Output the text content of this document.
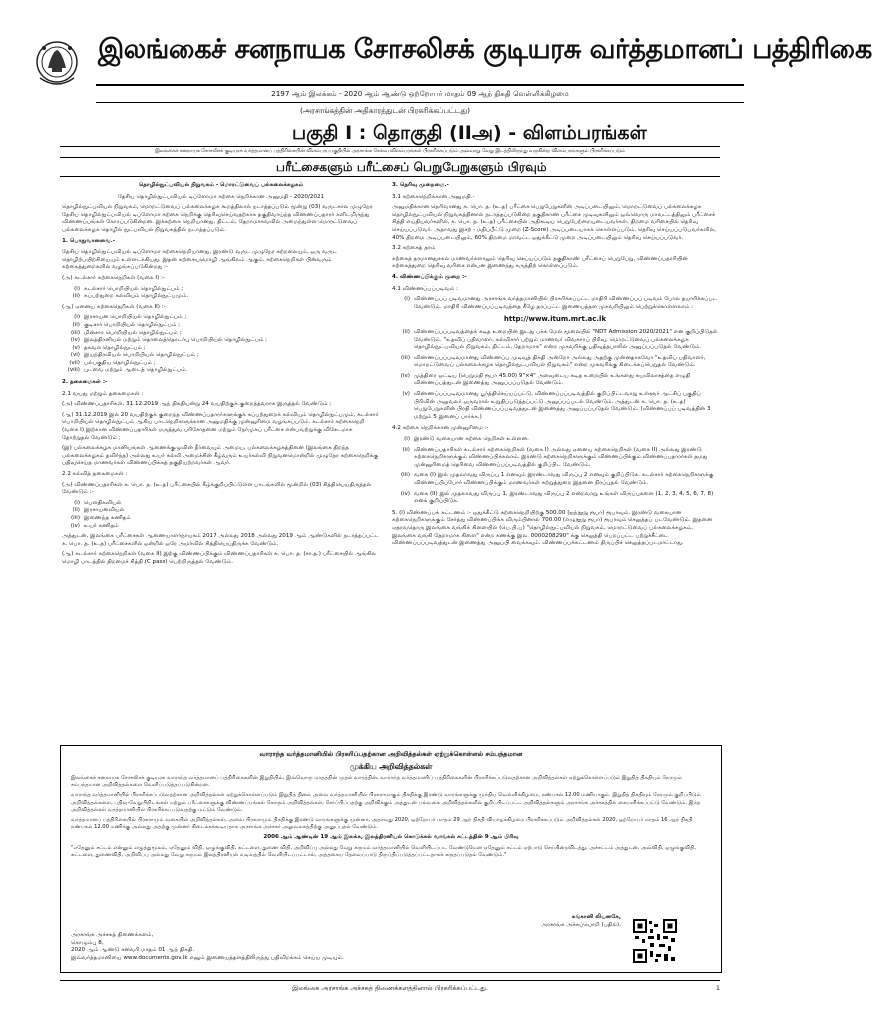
இலங்கைச் சனநாயக சோசலிசக் குடியரசு வர்த்தமானப் பத்திரிகை
2197 ஆம் இலக்கம் - 2020 ஆம் ஆண்டு ஒற்றோபர் மாதம் 09 ஆந் திகதி வெள்ளிக்கிழமை
(அரசாங்கத்தின் அதிகாரத்துடன் பிரசுரிக்கப்பட்டது)
பகுதி I : தொகுதி (IIஅ) - விளம்பரங்கள்
இலங்கைச் சனநாயக சோசலிசக் குடியரசு வர்த்தமானப் பத்திரிகையின் விளம்பரப்பகுதியில் அரசாங்க சேவை விளம்பரங்கள் பிரசுரிக்கப்படும் அவ்வாறு வேறு இடத்திலிருந்து வருகின்ற விளம்பரங்களும் பிரசுரிக்கப்படும்
பரீட்சைகளும் பரீட்சைப் பெறுபேறுகளும் பிரவும்

தொழில்நுட்பவியல் நிறுவகம் - மொரட்டுவைப் பல்கலைக்கழகம்

தேசிய தொழில்நுட்பவியல் டிப்ளோமா கற்கை நெறிக்கான அனுமதி - 2020/2021

தொழில்நுட்பவியல் நிறுவகம், மொறட்டுவைப் பல்கலைக்கழக கூறத்திலால் நடாத்தப்படும் மூன்று (03) வருடகால முழுநேர தேசிய தொழில்நுட்பவியல் டிப்ளோமா கற்கை நெறிக்கு தெரிவுசெய்வதற்காக தகுதிவாய்ந்த விண்ணப்பதாரர் களிடமிருந்து விண்ணப்பங்கள் கோரப்படுகின்றன. இக்கற்கை நெறியானது, திட்டம், தேறாமாகவவில் அமைந்துள்ள மொரட்டுவைப் பல்கலைக்கழக தொழில் நுட்பவியல் நிறுவகத்தில் நடாத்தப்படும்.

1. பொதுவானவை.-

தேசிய தொழில்நுட்பவியல் டிப்ளோமா கற்கைநெறியானது, இரண்டு வருட முழுநேர கற்றலையும், ஒரு வருட தொழிற்பயிற்சியையும் உள்ளடக்கியது. இதன் கற்கையமொழி ஆங்கிலம் ஆகும். கற்கைநெறிகள் பின்வரும் கற்கைத்துறைகளில் வழங்கப்படுகின்றது :-

(அ) கடல்சார் கற்கைநெறிகள் (வகை I) :-

(i) கடல்சார் பொறியியல் தொழில்நுட்பம் ;
(ii) கப்பற்துறை கல்வியும் தொழில்நுட்பமும்.

(ஆ) ஏனைய கற்கைநெறிகள் (வகை II) :-

(i) இரசாயன பொறியியல் தொழில்நுட்பம் ;
(ii) குடிசார் பொறியியல் தொழில்நுட்பம் ;
(iii) மின்சார பொறியியல் தொழில்நுட்பம் ;
(iv) இலத்திரனியல் மற்றும் தொலைத்தொடர்பு பொறியியல் தொழில்நுட்பம் ;
(v) தகவல் தொழில்நுட்பம் ;
(vi) இயந்திரவியல் பொறியியல் தொழில்நுட்பம் ;
(vii) பல்பகுதிய தொழில்நுட்பம் ;
(viii) புடவை மற்றும் ஆடைத் தொழில்நுட்பம்.

2. தகைமைகள் :-

2.1 வயது மற்றும் தகைமைகள் :

(அ) விண்ணப்பதாரிகள், 31.12.2019 ஆந் திகதியன்று 24 வயதிற்குக் குறைந்தவராக இருத்தல் வேண்டும் ;

(ஆ) 31.12.2019 இல் 20 வயதிற்குக் குறைந்த விண்ணப்பதாரர்களுக்குக் கப்பற்துறைக் கல்வியும் தொழில்நுட்பமும், கடல்சார் பொறியியல் தொழில்நுட்பம் ஆகிய பாடநெறிகளுக்கான அனுமதிக்கு முன்னுரிமை வழங்கப்படும். கடல்சார் கற்கைநெறி (வகை I) இற்கான விண்ணப்பதாரிகள் மருத்துவ பரிசோதனை மற்றும் நேர்முகப் பரீட்சை என்பவற்றுக்கு விசேடமாக தோற்றுதல் வேண்டும் ;

(இ) பல்கலைக்கழக மானியங்கள் ஆணைக்குழுவின் தீர்வையும் அமைய, பல்கலைக்கழகத்தினை (இலங்கை திறந்த பல்கலைக்கழகம் தவிர்ந்த) அல்லது உயர் கல்வி அமைச்சின் கீழ்வரும் உயர்கல்வி நிறுவனமொன்றில் முழுநேர கற்கைநெறிக்கு பதிவுசெய்த மாணவர்கள் விண்ணப்பிக்கத் தகுதியற்றவர்கள் ஆவர்.

2.2 கல்வித் தகைமைகள் :

(அ) விண்ணப்பதாரிகள் க. பொ. த. (உ.த) பரீட்சையில் கீழ்க்குறிப்பிட்டுள்ள பாடங்களில் மூன்றில் (03) சித்தியெய்திருத்தல் வேண்டும் :-

(i) பௌதிகவியல்
(ii) இரசாயனவியல்
(iii) இணைந்த கணிதம்
(iv) உயர் கணிதம்

அத்துடன், இலங்கை பரீட்சைகள் ஆணையாளர்நாயகம் 2017 அல்லது 2018 அல்லது 2019 ஆம் ஆண்டுகளில் நடாத்தப்பட்ட க. பொ. த. (உ.த) பரீட்சைகளில் ஒன்றில் ஒரே அமர்வில் சித்தியெய்திருக்க வேண்டும்.

(ஆ) கடல்சார் கற்கைநெறிகள் (வகை II) இற்கு விண்ணப்பிக்கும் விண்ணப்பதாரிகள் க. பொ. த. (சா.த.) பரீட்சையில் ஆங்கில மொழி பாடத்தில் திறமைச் சித்தி (C pass) பெற்றிருத்தல் வேண்டும்.

3. தெரிவு முறைமை.-

3.1 கற்கைநெறிக்கான அனுமதி.-

அனுமதிக்கான தெரிவானது க. பொ. த. (உ.த) பரீட்சை பெறுபேறுகளின் அடிப்படையிலும், மொறட்டுவைப் பல்கலைக்கழக தொழில்நுட்பவியல் நிறுவகத்தினால் நடாத்தப்படுகின்ற தகுதிகாண் பரீட்சை முடிவுகளிலும் ஒவ்வொரு மாவட்டத்திலும் பரீட்சைச் சித்தி எய்தியவர்களில், க. பொ. த. (உ.த) பரீட்சையில் அதிகூடிய பெறுபேற்றையுடையவர்கள், திறமை வரிசையில் தெரிவு செய்யப்படுவர். அதாவது இசற் - மதிப்பீட்டு முறை (Z-Score) அடிப்படையாகக் கொள்ளப்படும். தெரிவு செய்யப்படுபவர்களில், 40% திறமை அடிப்படையிலும், 60% திறமை மாவட்ட ஒதுக்கீட்டு முறை அடிப்படையிலும் தெரிவு செய்யப்படுவர்.

3.2 கற்கைத் தரம்

கற்கைத் தரமானதுசகல மாணவர்களாலும் தெரிவு செய்யப்படும் தகுதிகாண் பரீட்சைப் பெறுபேறு, விண்ணப்பதாரியின் கற்கைத்துறை தெரிவு வரிசை என்பன இணைந்து கருத்திற் கொள்ளப்படும்.

4. விண்ணப்பிக்கும் முறை :-

4.1 விண்ணப்பப்படிவம் :

(i) விண்ணப்பப் படிவமானது அரசாங்க வர்த்தமானியில் பிரசுரிக்கப்பட்ட மாதிரி விண்ணப்பப் படிவம் போல தயாரிக்கப்பட வேண்டும். மாதிரி விண்ணப்பப்படிவத்தை கீழே தரப்பட்ட இணையத்தள முகவரியிலும் பெற்றுக்கொள்ளலாம் :
http://www.itum.mrt.ac.lk
(ii) விண்ணப்பப்படிவத்தைக் கடித உறையின் இடது பக்க மேல் மூலையில் "NDT Admission 2020/2021" என குறிப்பிடுதல் வேண்டும். "உதவிப் பதிவாளர், கல்விசார் பற்றும் மாணவர் விவகாரப் பிரிவு, மொறட்டுவைப் பல்கலைக்கழக தொழில்நுட்பவியல் நிறுவகம், திட்டம், தேறாமாக" என்ற முகவரிக்கு பதிவுத்தபாலில் அனுப்பப்படுதல் வேண்டும்.
(iii) விண்ணப்பப்படிவமானது விண்ணப்ப முடிவுத் திகதி அன்றோ அல்லது அதற்கு முன்னதாகவோ "உதவிப் பதிவாளர், மொறட்டுவைப் பல்கலைக்கழக தொழில்நுட்பவியல் நிறுவகம்" என்ற முகவரிக்கு கிடைக்கப்பெறுதல் வேண்டும்.
(iv) முத்திரை ஒட்டிய (பெறுமதி ரூபா 45.00) 9"×4" அளவுடைய கடித உறையில் உங்களது சுயவிலாசத்தை எழுதி விண்ணப்பத்துடன் இணைத்து அனுப்பப்படுதல் வேண்டும்.
(v) விண்ணப்பப்படிவமானது பூர்த்திசெய்யப்பட்டு, விண்ணப்பப்படிவத்தில் குறிப்பிட்டவாறு உள்ளூர் ஆட்சிப் பகுதிப் பிரிவின் அலுவலர் ஒருவரால் உறுதிப்படுத்தப்பட்டு அனுப்பப்படல் வேண்டும். அத்துடன் க. பொ. த. (உ.த) பெறுபேறுகளின் பிரதி விண்ணப்பப்படிவத்துடன் இணைத்து அனுப்பப்படுதல் வேண்டும். (விண்ணப்பப் படிவத்தின் 3 மற்றும் 5 இனைப் பார்க்க.)

4.2 கற்கை நெறிக்கான முன்னுரிமை :-

(i) இரண்டு வகையான கற்கை நெறிகள் உள்ளன.
(ii) விண்ணப்பதாரிகள் கடல்சார் கற்கைநெறிகள் (வகை I) அல்லது ஏனைய கற்கைநெறிகள் (வகை II) அல்லது இரண்டு கற்கைநெறிகளுக்கும் விண்ணப்பிக்கலாம். இரண்டு கற்கைநெறிகளுக்கும் விண்ணப்பிக்கும் விண்ணப்பதாரர்கள் தமது முன்னுரிமைத் தெரிவை விண்ணப்பப்படிவத்தில் குறிப்பிட வேண்டும்.
(iii) வகை (I) இல் முதலாவது விருப்பு 1 எனவும் இரண்டாவது விருப்பு 2 எனவும் குறிப்பிடுக. கடல்சார் கற்கைநெறிகளுக்கு விண்ணப்பிப்போர் விண்ணப்பிக்கும் மாணவர்கள் கற்றுத்துறை இதனை நிரப்புதல் வேண்டும்.
(iv) வகை (II) இல் முதலாவது விருப்பு 1, இரண்டாவது விருப்பு 2 என்றவாறு உங்கள் விருப்புகளை (1, 2, 3, 4, 5, 6, 7, 8) எனக் குறிப்பிடுக.

5. (i) விண்ணப்பக் கட்டணம் :- ஒதுக்கீட்டு கற்கைநெறியிற்கு 500.00 (ஐந்நூறு ரூபா) ரூபாவும், இரண்டு வகையான கற்கைநெறிகளுக்கும் சேர்த்து விண்ணப்பிக்க விரும்பினால் 700.00 (எழுநூறு ரூபா) ரூபாவும் செலுத்தப் படவேண்டும். இதனை ஏதாவதொரு இலங்கை வங்கிக் கிளையில் (பெ.பி.ப) "தொழில்நுட்பவியல் நிறுவகம், மொறட்டுவைப் பல்கலைக்கழகம், இலங்கை வங்கி தேறாமாக கிளை" என்ற கணக்கு இல. 0000208290" க்கு செலுத்தி பெறப்பட்ட பற்றுச்சீட்டை விண்ணப்பப்படிவத்துடன் இணைத்து அனுப்பி வைக்கவும். விண்ணப்பக்கட்டணம் திருப்பிச் செலுத்தப்படமாட்டாது.

வாராந்த வர்த்தமானியில் பிரசுரிப்பதற்கான அறிவித்தல்கள் ஏற்றுக்கொள்ளல் சம்பந்தமான
முக்கிய அறிவித்தல்கள்

இலங்கைச் சனநாயக சோசலிசக் குடியரசு வாராந்த வர்த்தமானப் பத்திரிகைகளின் இறுதியில், இவ்வொரு மாதத்தின் முதல் வாரத்தின், வாராந்த வர்த்தமானிப் பத்திரிகைகளின் பிரசுரிக்கப்படுவதற்கான அறிவித்தல்கள் ஏற்றுக்கொள்ளப்படும் இறுதித் திகதியும் நேரமும் சம்பந்தமான அறிவித்தல்களை வெளிப்படுத்தப்படுகின்றன.

வாராந்த வர்த்தமானியில் பிரசுரிக்கப்படுவதற்கான அறிவித்தல்கள் ஏற்றுக்கொள்ளப்படும் இறுதித் தினம் அவை வர்த்தமானியில் பிரசுராமாகும் திகதிக்கு இரண்டு வாரங்களுக்கு முந்திய வெள்ளிக்கிழமை, நண்பகல் 12.00 மணியாகும். இறுதித் திகதியும் நேரமும் குறிப்பிடும் அறிவித்தல்களை, பதிவு-வேறுபிறிடங்கள் மற்றும் பரீட்சைகளுக்கு விண்ணப்பங்கள் கோரும் அறிவித்தல்கள், சேர்ப்பிப்பதற்கு அறிவிக்கும் அத்துடன் பல்வகை அறிவித்தல்களில் குறிப்பிடப்பட்ட அறிவித்தல்களும் அரசாங்க அச்சகத்தில் கையளிக்கப்பட்டு வேண்டும். இந்த அறிவித்தல்கள் வர்த்தமானியில் பிரசுரிக்கப்படுவதற்கு மட்டும் வேண்டும்.

வர்த்தமானப் பத்திரிகையில் பிரசுராமும் வகையில் அறிவித்தல்கள், அவை பிரசுராமும் திகதிக்கு இரண்டு வாரங்களுக்கு முன்னர், அதாவது 2020, ஒற்றோபர் மாதம் 29 ஆந் திகதி வியாழக்கிழமை பிரசுரிக்கப்படும் அறிவித்தல்கள் 2020, ஒற்றோபர் மாதம் 16 ஆந் திகதி நண்பகல் 12.00 மணிக்கு அல்லது அதற்கு முன்னர் கிடைக்கக்கூடியதாக அரசாங்க அச்சகர் அலுவலகத்திற்கு அனுப்புதல் வேண்டும்.

2006 ஆம் ஆண்டின் 19 ஆம் இலக்க, இலத்திரனியல் கொடுக்கல் வாங்கல் சட்டத்தின் 9 ஆம் பிரிவு

"எதேனும் சட்டம் என்னும் எழுத்துமூலம், ஏதேனும் விதி, ஒழுங்குவிதி, கட்டளை, துணை விதி, அறிவிப்பு அல்லது வேறு கருமம் வர்த்தமானியில் வெளியிடப்பட வேண்டுமென ஏதேனும் சட்டம் ஏற்பாடு செய்கின்றவிடத்து, அச்சட்டம் அத்துடன், அவ்விதி, ஒழுங்குவிதி, கட்டளை, துணைவிதி, அறிவிப்பு அல்லது வேறு கருமம் இலத்திரனியல் வடிவத்தில் வெளியிடப்பட்டால், அத்தகைய தேவைப்பாடு திருப்திப்படுத்தப்பட்டதாகக் கருதப்படுதல் வேண்டும்."

கங்கானி லியனகே,
அரசாங்க அச்சுப்பொறி (பதில்).
அரசாங்க அச்சகத் திணைக்களம்,
கொழும்பு 8,
2020 ஆம் ஆண்டு சனவரி மாதம் 01 ஆந் திகதி.
இவ்வர்த்தமானியை www.documents.gov.lk எனும் இணையத்தளத்திலிருந்து பதிவிறக்கம் செய்ய முடியும்.
இலங்கை அரசாங்க அச்சகத் திணைக்களத்தினால் பிரசுரிக்கப்பட்டது.	1
